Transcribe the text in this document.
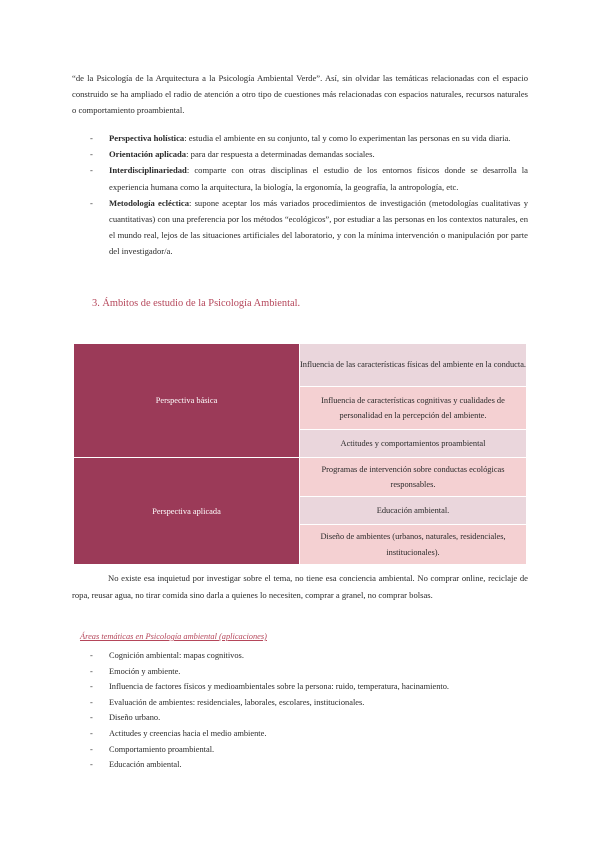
“de la Psicología de la Arquitectura a la Psicología Ambiental Verde”. Así, sin olvidar las temáticas relacionadas con el espacio construido se ha ampliado el radio de atención a otro tipo de cuestiones más relacionadas con espacios naturales, recursos naturales o comportamiento proambiental.

- Perspectiva holística: estudia el ambiente en su conjunto, tal y como lo experimentan las personas en su vida diaria.
- Orientación aplicada: para dar respuesta a determinadas demandas sociales.
- Interdisciplinariedad: comparte con otras disciplinas el estudio de los entornos físicos donde se desarrolla la experiencia humana como la arquitectura, la biología, la ergonomía, la geografía, la antropología, etc.
- Metodología ecléctica: supone aceptar los más variados procedimientos de investigación (metodologías cualitativas y cuantitativas) con una preferencia por los métodos “ecológicos”, por estudiar a las personas en los contextos naturales, en el mundo real, lejos de las situaciones artificiales del laboratorio, y con la mínima intervención o manipulación por parte del investigador/a.
3. Ámbitos de estudio de la Psicología Ambiental.
Perspectiva básica	Influencia de las características físicas del ambiente en la conducta.
	Influencia de características cognitivas y cualidades de personalidad en la percepción del ambiente.
	Actitudes y comportamientos proambiental
Perspectiva aplicada	Programas de intervención sobre conductas ecológicas responsables.
	Educación ambiental.
	Diseño de ambientes (urbanos, naturales, residenciales, institucionales).

No existe esa inquietud por investigar sobre el tema, no tiene esa conciencia ambiental. No comprar online, reciclaje de ropa, reusar agua, no tirar comida sino darla a quienes lo necesiten, comprar a granel, no comprar bolsas.

Áreas temáticas en Psicología ambiental (aplicaciones)
- Cognición ambiental: mapas cognitivos.
- Emoción y ambiente.
- Influencia de factores físicos y medioambientales sobre la persona: ruido, temperatura, hacinamiento.
- Evaluación de ambientes: residenciales, laborales, escolares, institucionales.
- Diseño urbano.
- Actitudes y creencias hacia el medio ambiente.
- Comportamiento proambiental.
- Educación ambiental.
